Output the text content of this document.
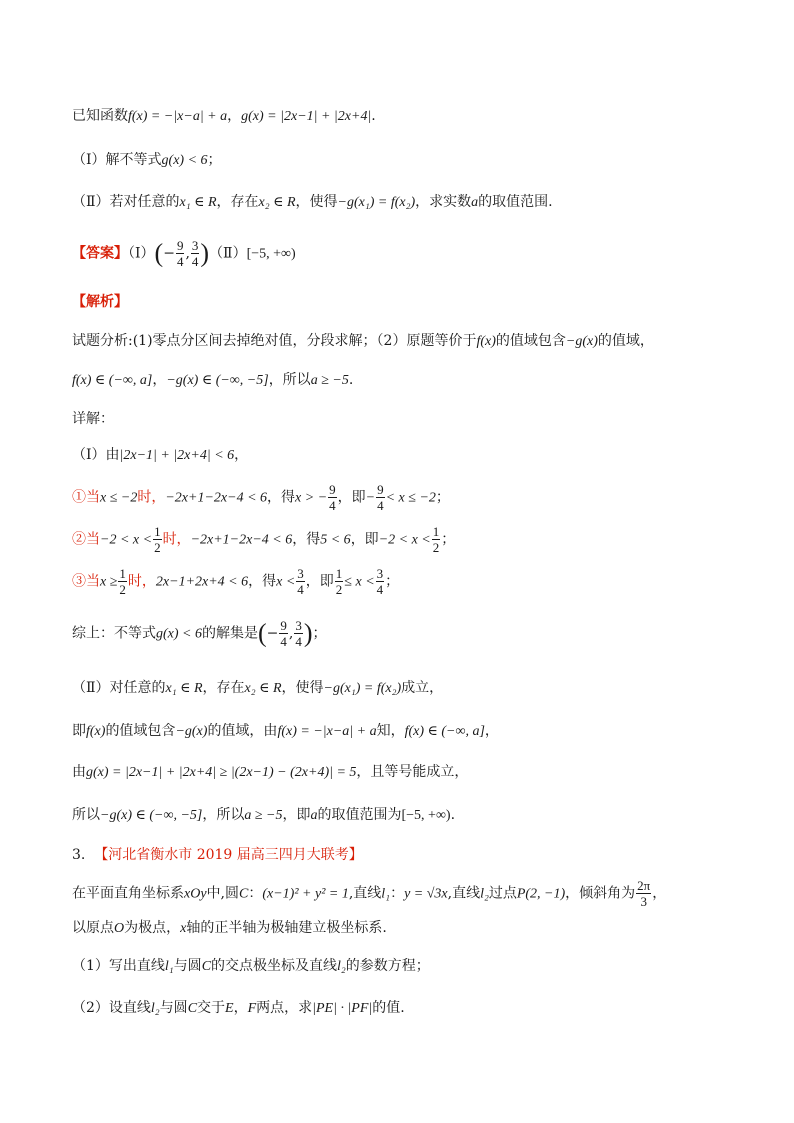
已知函数f(x) = −|x−a| + a，g(x) = |2x−1| + |2x+4|.
（Ⅰ）解不等式g(x) < 6；
（Ⅱ）若对任意的x₁ ∈ R，存在x₂ ∈ R，使得−g(x₁) = f(x₂)，求实数a的取值范围.
【答案】（Ⅰ）(− $\frac{9}{4}$ , $\frac{3}{4}$ )（Ⅱ）[−5, +∞)
【解析】
试题分析:(1)零点分区间去掉绝对值，分段求解；（2）原题等价于f(x)的值域包含−g(x)的值域，
f(x) ∈ (−∞, a]，−g(x) ∈ (−∞, −5]，所以a ≥ −5.
详解：
（Ⅰ）由|2x−1| + |2x+4| < 6，
①当x ≤ −2时，−2x+1−2x−4 < 6，得x > − $\frac{9}{4}$ ，即− $\frac{9}{4} < x \le -2$；
②当$-2 < x < \frac{1}{2}$ 时，−2x+1−2x−4 < 6，得5 < 6，即$-2 < x < \frac{1}{2}$ ；
③当$x \ge \frac{1}{2}$ 时，2x−1+2x+4 < 6，得$x < \frac{3}{4}$ ，即 $\frac{1}{2} \le x < \frac{3}{4}$ ；
综上：不等式g(x) < 6的解集是(− $\frac{9}{4}$ , $\frac{3}{4}$ )；
（Ⅱ）对任意的x₁ ∈ R，存在x₂ ∈ R，使得−g(x₁) = f(x₂)成立，
即f(x)的值域包含−g(x)的值域，由f(x) = −|x−a| + a知，f(x) ∈ (−∞, a]，
由g(x) = |2x−1| + |2x+4| ≥ |(2x−1) − (2x+4)| = 5，且等号能成立，
所以−g(x) ∈ (−∞, −5]，所以a ≥ −5，即a的取值范围为[−5, +∞).
3. 【河北省衡水市 2019 届高三四月大联考】
在平面直角坐标系xOy中,圆C：(x−1)² + y² = 1,直线l₁：y = √3x,直线l₂过点P(2, −1)，倾斜角为 $\frac{2\pi}{3}$ ，
以原点O为极点，x轴的正半轴为极轴建立极坐标系.
（1）写出直线l₁与圆C的交点极坐标及直线l₂的参数方程；
（2）设直线l₂与圆C交于E，F两点，求|PE| · |PF|的值.
